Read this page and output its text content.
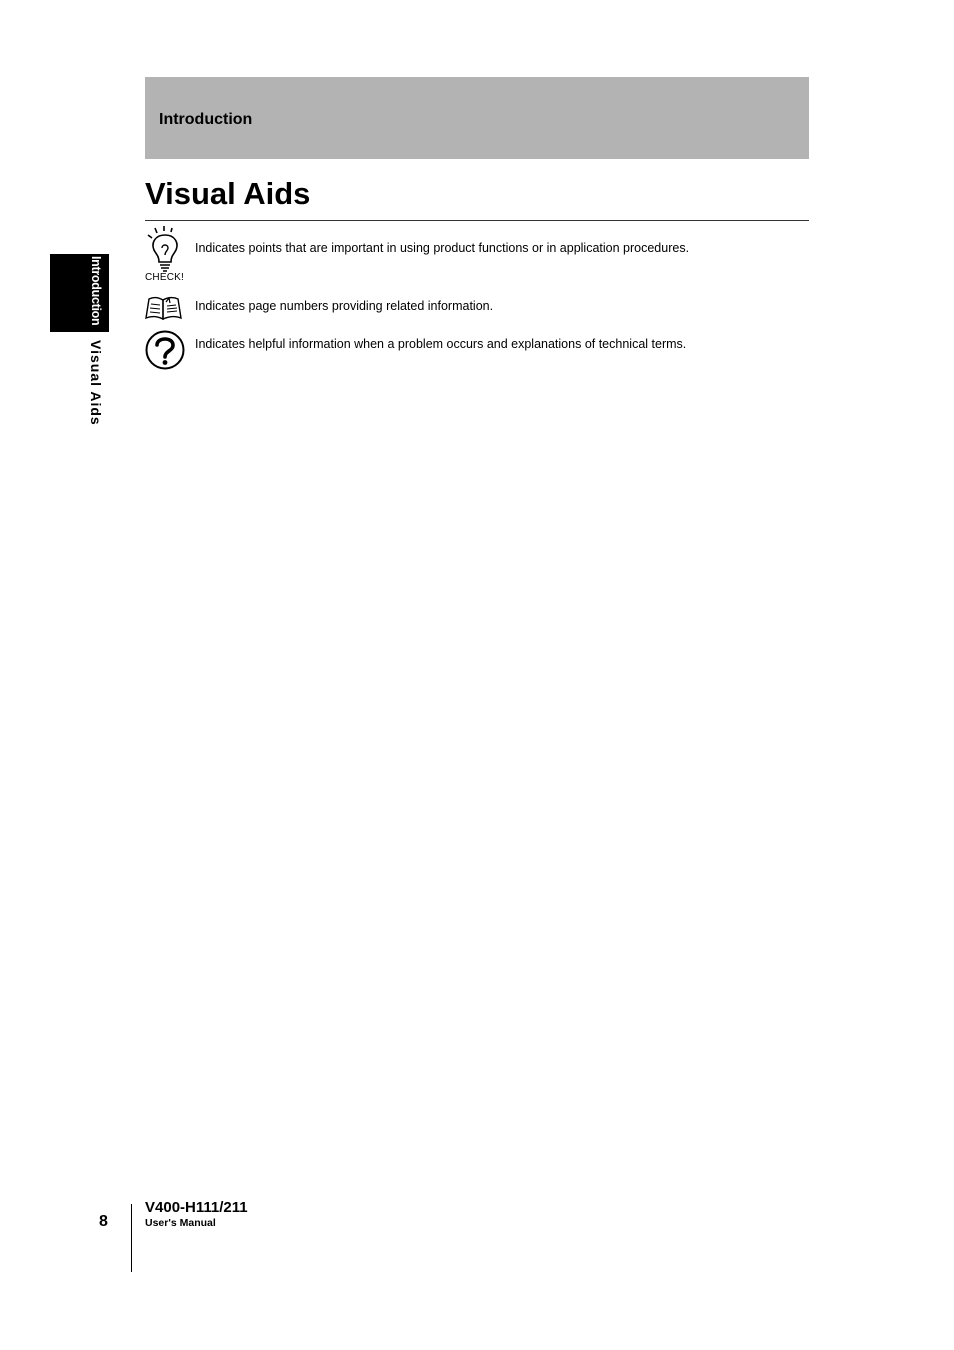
Introduction
Visual Aids
CHECK!
Indicates points that are important in using product functions or in application procedures.
Indicates page numbers providing related information.
Indicates helpful information when a problem occurs and explanations of technical terms.
Introduction
Visual Aids
8
V400-H111/211
User's Manual
